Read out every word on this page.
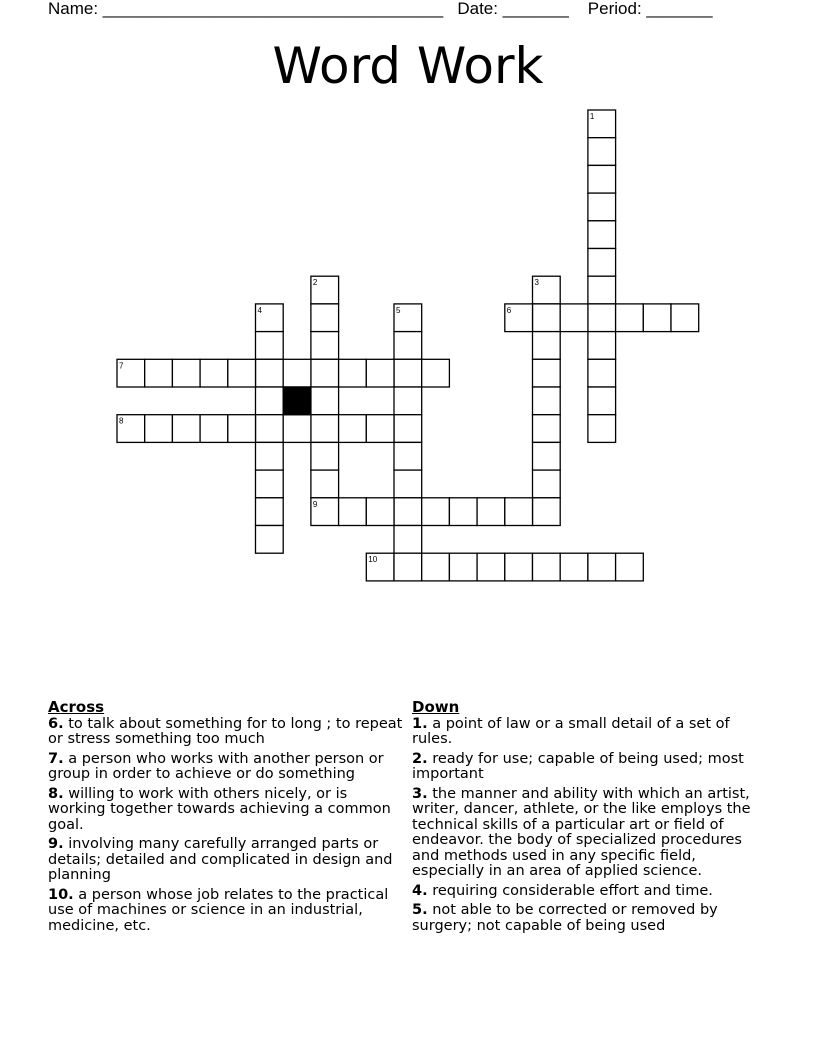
Name: ____________________________________ Date: _______ Period: _______
Word Work
1
2	3
4	5	6
7
8
9
10
Across
6. to talk about something for to long ; to repeat or stress something too much
7. a person who works with another person or group in order to achieve or do something
8. willing to work with others nicely, or is working together towards achieving a common goal.
9. involving many carefully arranged parts or details; detailed and complicated in design and planning
10. a person whose job relates to the practical use of machines or science in an industrial, medicine, etc.
Down
1. a point of law or a small detail of a set of rules.
2. ready for use; capable of being used; most important
3. the manner and ability with which an artist, writer, dancer, athlete, or the like employs the technical skills of a particular art or field of endeavor. the body of specialized procedures and methods used in any specific field, especially in an area of applied science.
4. requiring considerable effort and time.
5. not able to be corrected or removed by surgery; not capable of being used
